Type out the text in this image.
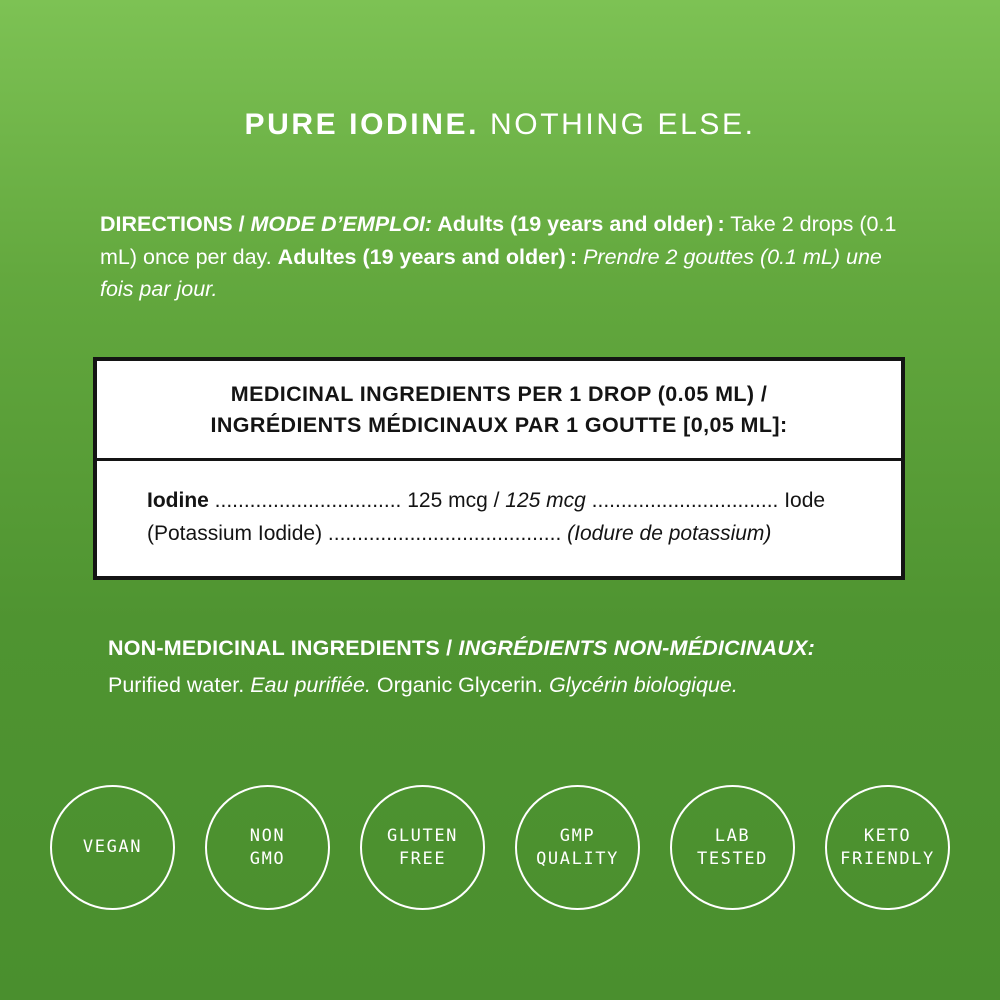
PURE IODINE. NOTHING ELSE.
DIRECTIONS / MODE D’EMPLOI: Adults (19 years and older) : Take 2 drops (0.1 mL) once per day. Adultes (19 years and older) : Prendre 2 gouttes (0.1 mL) une fois par jour.
MEDICINAL INGREDIENTS PER 1 DROP (0.05 ML) /
INGRÉDIENTS MÉDICINAUX PAR 1 GOUTTE [0,05 ML]:
Iodine ................................ 125 mcg / 125 mcg ................................ Iode
(Potassium Iodide) ........................................ (Iodure de potassium)
NON-MEDICINAL INGREDIENTS / INGRÉDIENTS NON-MÉDICINAUX:
Purified water. Eau purifiée. Organic Glycerin. Glycérin biologique.
VEGAN
NON
GMO
GLUTEN
FREE
GMP
QUALITY
LAB
TESTED
KETO
FRIENDLY
